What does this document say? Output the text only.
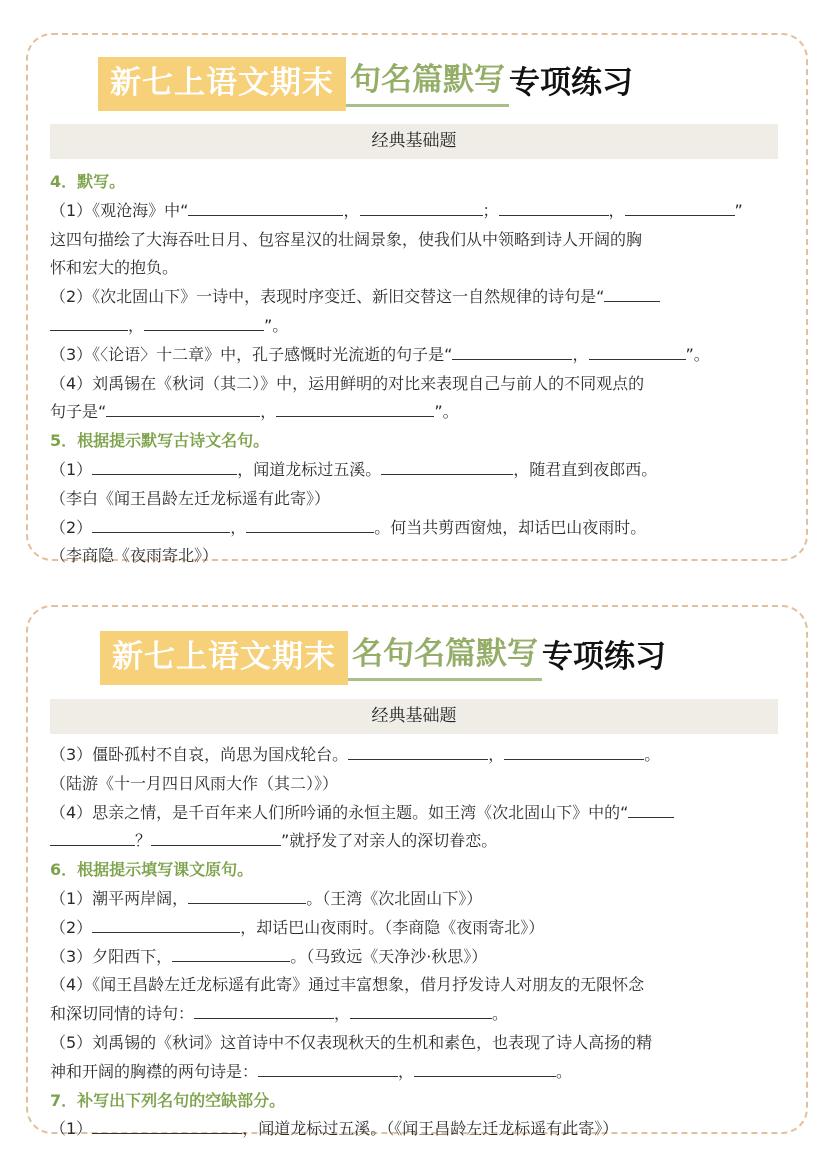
新七上语文期末 句名篇默写 专项练习
经典基础题
4．默写。
（1）《观沧海》中“	，	；	，	”
这四句描绘了大海吞吐日月、包容星汉的壮阔景象，使我们从中领略到诗人开阔的胸
怀和宏大的抱负。
（2）《次北固山下》一诗中，表现时序变迁、新旧交替这一自然规律的诗句是“
，	”。
（3）《〈论语〉十二章》中，孔子感慨时光流逝的句子是“	，	”。
（4）刘禹锡在《秋词（其二）》中，运用鲜明的对比来表现自己与前人的不同观点的
句子是“	，	”。
5．根据提示默写古诗文名句。
（1）	，闻道龙标过五溪。	，随君直到夜郎西。
（李白《闻王昌龄左迁龙标遥有此寄》）
（2）	，	。何当共剪西窗烛，却话巴山夜雨时。
（李商隐《夜雨寄北》）
新七上语文期末 名句名篇默写 专项练习
经典基础题
（3）僵卧孤村不自哀，尚思为国戍轮台。	，	。
（陆游《十一月四日风雨大作（其二）》）
（4）思亲之情，是千百年来人们所吟诵的永恒主题。如王湾《次北固山下》中的“
？	”就抒发了对亲人的深切眷恋。
6．根据提示填写课文原句。
（1）潮平两岸阔，	。（王湾《次北固山下》）
（2）	，却话巴山夜雨时。（李商隐《夜雨寄北》）
（3）夕阳西下，	。（马致远《天净沙·秋思》）
（4）《闻王昌龄左迁龙标遥有此寄》通过丰富想象，借月抒发诗人对朋友的无限怀念
和深切同情的诗句：	，	。
（5）刘禹锡的《秋词》这首诗中不仅表现秋天的生机和素色，也表现了诗人高扬的精
神和开阔的胸襟的两句诗是：	，	。
7．补写出下列名句的空缺部分。
（1）	，闻道龙标过五溪。（《闻王昌龄左迁龙标遥有此寄》）
